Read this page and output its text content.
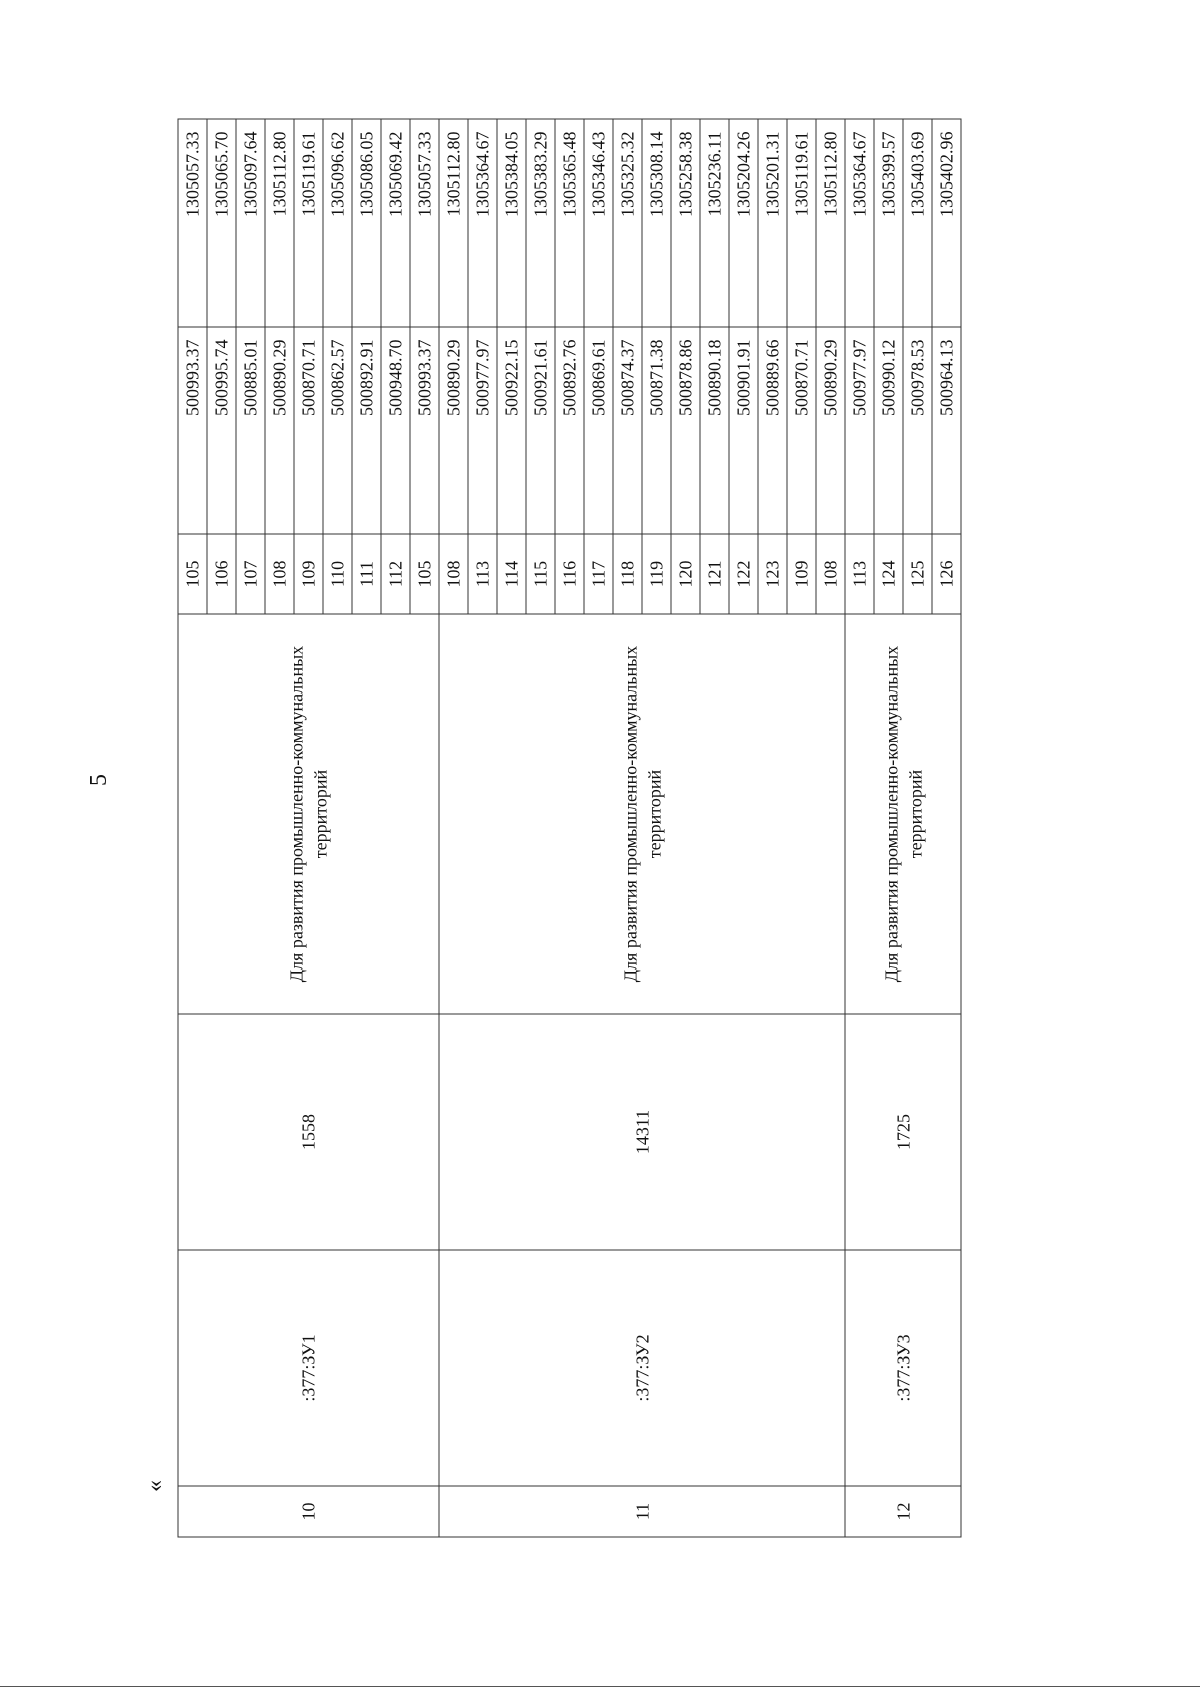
5
«
10	:377:ЗУ1	1558	Для развития промышленно-коммунальных территорий	105	500993.37	1305057.33
				106	500995.74	1305065.70
				107	500885.01	1305097.64
				108	500890.29	1305112.80
				109	500870.71	1305119.61
				110	500862.57	1305096.62
				111	500892.91	1305086.05
				112	500948.70	1305069.42
				105	500993.37	1305057.33
11	:377:ЗУ2	14311	Для развития промышленно-коммунальных территорий	108	500890.29	1305112.80
				113	500977.97	1305364.67
				114	500922.15	1305384.05
				115	500921.61	1305383.29
				116	500892.76	1305365.48
				117	500869.61	1305346.43
				118	500874.37	1305325.32
				119	500871.38	1305308.14
				120	500878.86	1305258.38
				121	500890.18	1305236.11
				122	500901.91	1305204.26
				123	500889.66	1305201.31
				109	500870.71	1305119.61
				108	500890.29	1305112.80
12	:377:ЗУ3	1725	Для развития промышленно-коммунальных территорий	113	500977.97	1305364.67
				124	500990.12	1305399.57
				125	500978.53	1305403.69
				126	500964.13	1305402.96
